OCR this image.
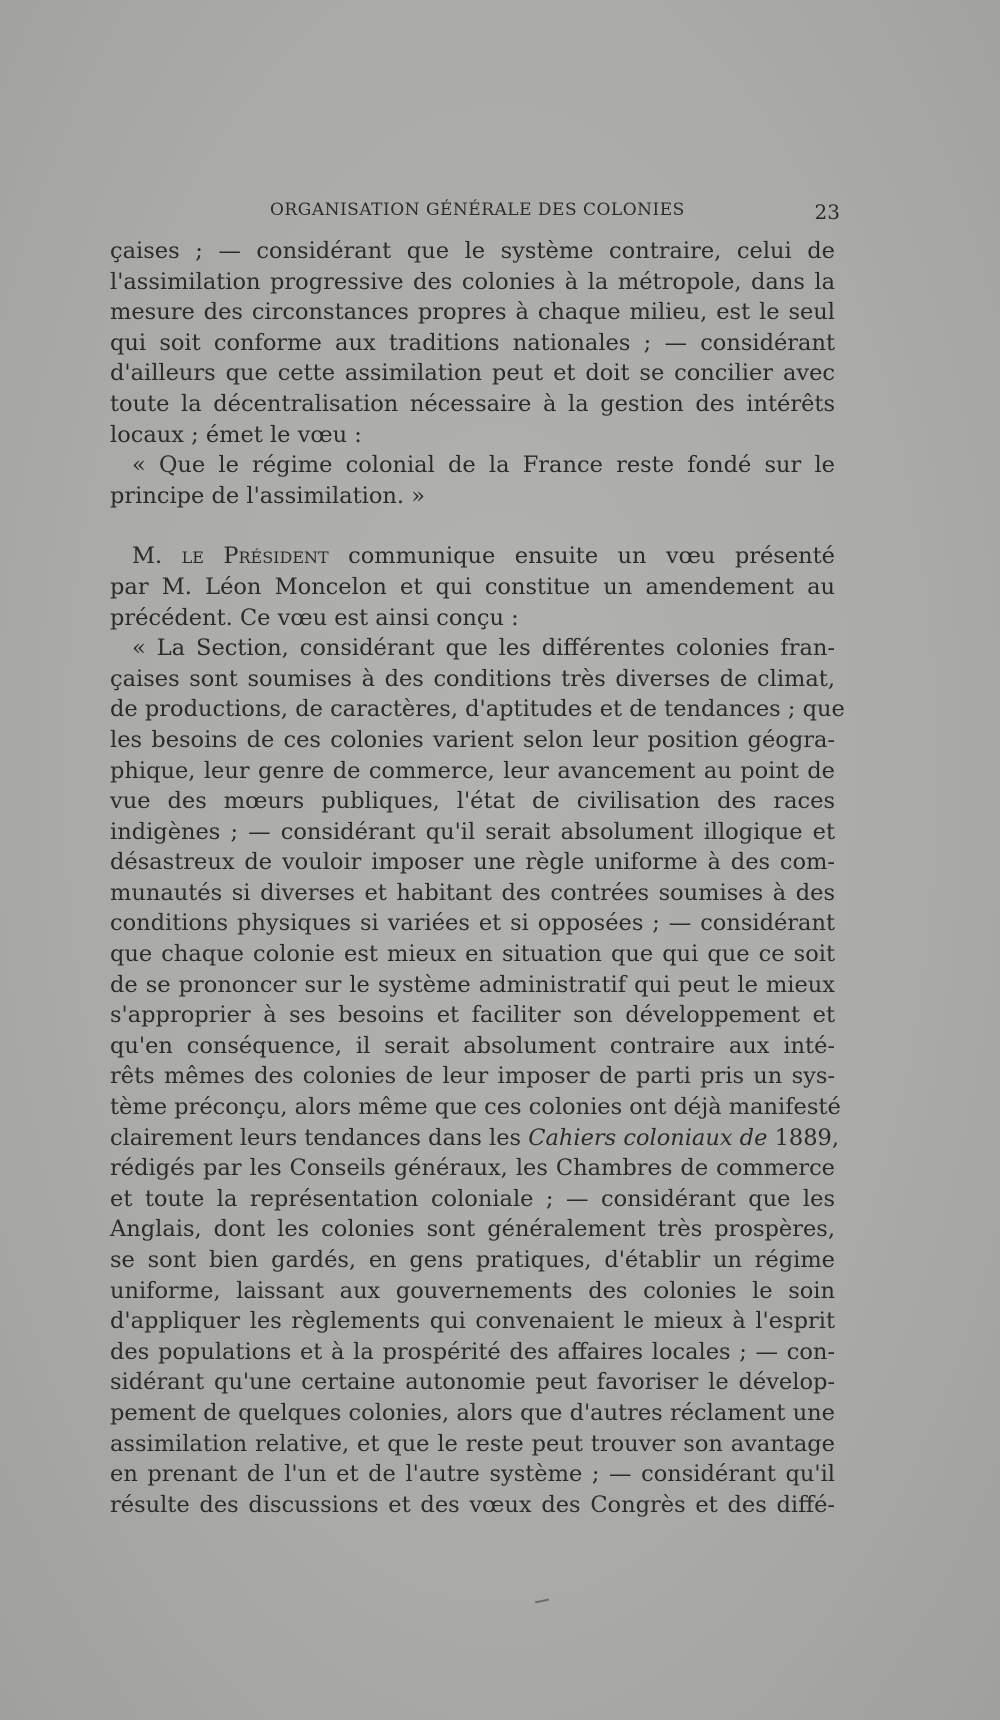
ORGANISATION GÉNÉRALE DES COLONIES	23
çaises ; — considérant que le système contraire, celui de
l'assimilation progressive des colonies à la métropole, dans la
mesure des circonstances propres à chaque milieu, est le seul
qui soit conforme aux traditions nationales ; — considérant
d'ailleurs que cette assimilation peut et doit se concilier avec
toute la décentralisation nécessaire à la gestion des intérêts
locaux ; émet le vœu :
« Que le régime colonial de la France reste fondé sur le
principe de l'assimilation. »
M. le Président communique ensuite un vœu présenté
par M. Léon Moncelon et qui constitue un amendement au
précédent. Ce vœu est ainsi conçu :
« La Section, considérant que les différentes colonies fran-
çaises sont soumises à des conditions très diverses de climat,
de productions, de caractères, d'aptitudes et de tendances ; que
les besoins de ces colonies varient selon leur position géogra-
phique, leur genre de commerce, leur avancement au point de
vue des mœurs publiques, l'état de civilisation des races
indigènes ; — considérant qu'il serait absolument illogique et
désastreux de vouloir imposer une règle uniforme à des com-
munautés si diverses et habitant des contrées soumises à des
conditions physiques si variées et si opposées ; — considérant
que chaque colonie est mieux en situation que qui que ce soit
de se prononcer sur le système administratif qui peut le mieux
s'approprier à ses besoins et faciliter son développement et
qu'en conséquence, il serait absolument contraire aux inté-
rêts mêmes des colonies de leur imposer de parti pris un sys-
tème préconçu, alors même que ces colonies ont déjà manifesté
clairement leurs tendances dans les Cahiers coloniaux de 1889,
rédigés par les Conseils généraux, les Chambres de commerce
et toute la représentation coloniale ; — considérant que les
Anglais, dont les colonies sont généralement très prospères,
se sont bien gardés, en gens pratiques, d'établir un régime
uniforme, laissant aux gouvernements des colonies le soin
d'appliquer les règlements qui convenaient le mieux à l'esprit
des populations et à la prospérité des affaires locales ; — con-
sidérant qu'une certaine autonomie peut favoriser le dévelop-
pement de quelques colonies, alors que d'autres réclament une
assimilation relative, et que le reste peut trouver son avantage
en prenant de l'un et de l'autre système ; — considérant qu'il
résulte des discussions et des vœux des Congrès et des diffé-
